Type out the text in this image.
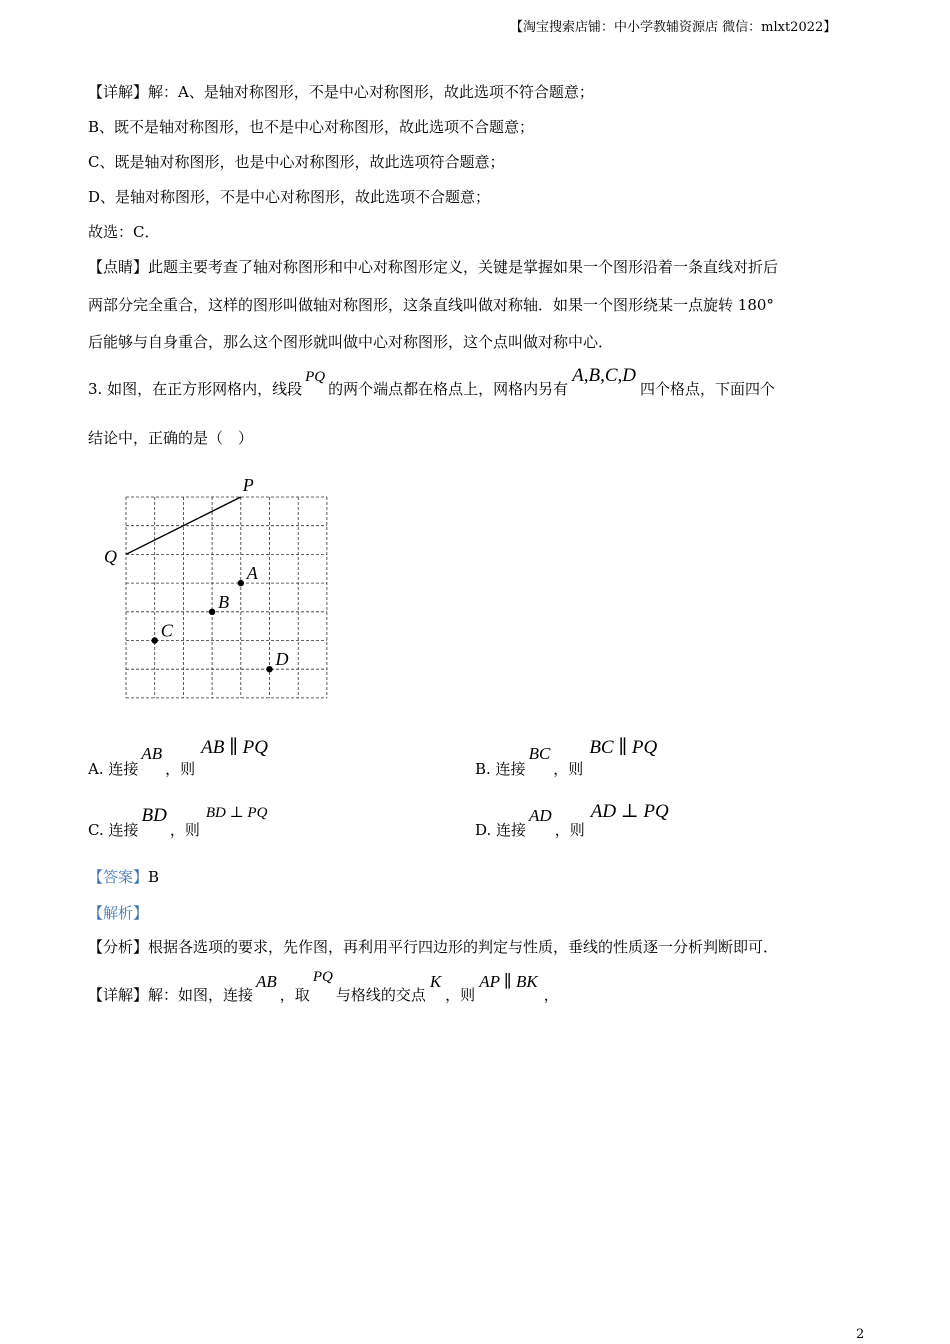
【淘宝搜索店铺：中小学教辅资源店 微信：mlxt2022】
【详解】解：A、是轴对称图形，不是中心对称图形，故此选项不符合题意；
B、既不是轴对称图形，也不是中心对称图形，故此选项不合题意；
C、既是轴对称图形，也是中心对称图形，故此选项符合题意；
D、是轴对称图形，不是中心对称图形，故此选项不合题意；
故选：C．
【点睛】此题主要考查了轴对称图形和中心对称图形定义，关键是掌握如果一个图形沿着一条直线对折后
两部分完全重合，这样的图形叫做轴对称图形，这条直线叫做对称轴．如果一个图形绕某一点旋转 180°
后能够与自身重合，那么这个图形就叫做中心对称图形，这个点叫做对称中心．
3. 如图，在正方形网格内，线段PQ的两个端点都在格点上，网格内另有A,B,C,D四个格点，下面四个
结论中，正确的是（　）
P
Q
A
B
C
D
A. 连接AB，则AB ∥ PQ
B. 连接BC，则BC ∥ PQ
C. 连接BD，则BD ⊥ PQ
D. 连接AD，则AD ⊥ PQ
【答案】B
【解析】
【分析】根据各选项的要求，先作图，再利用平行四边形的判定与性质，垂线的性质逐一分析判断即可．
【详解】解：如图，连接AB，取PQ与格线的交点K，则AP ∥ BK，
2
